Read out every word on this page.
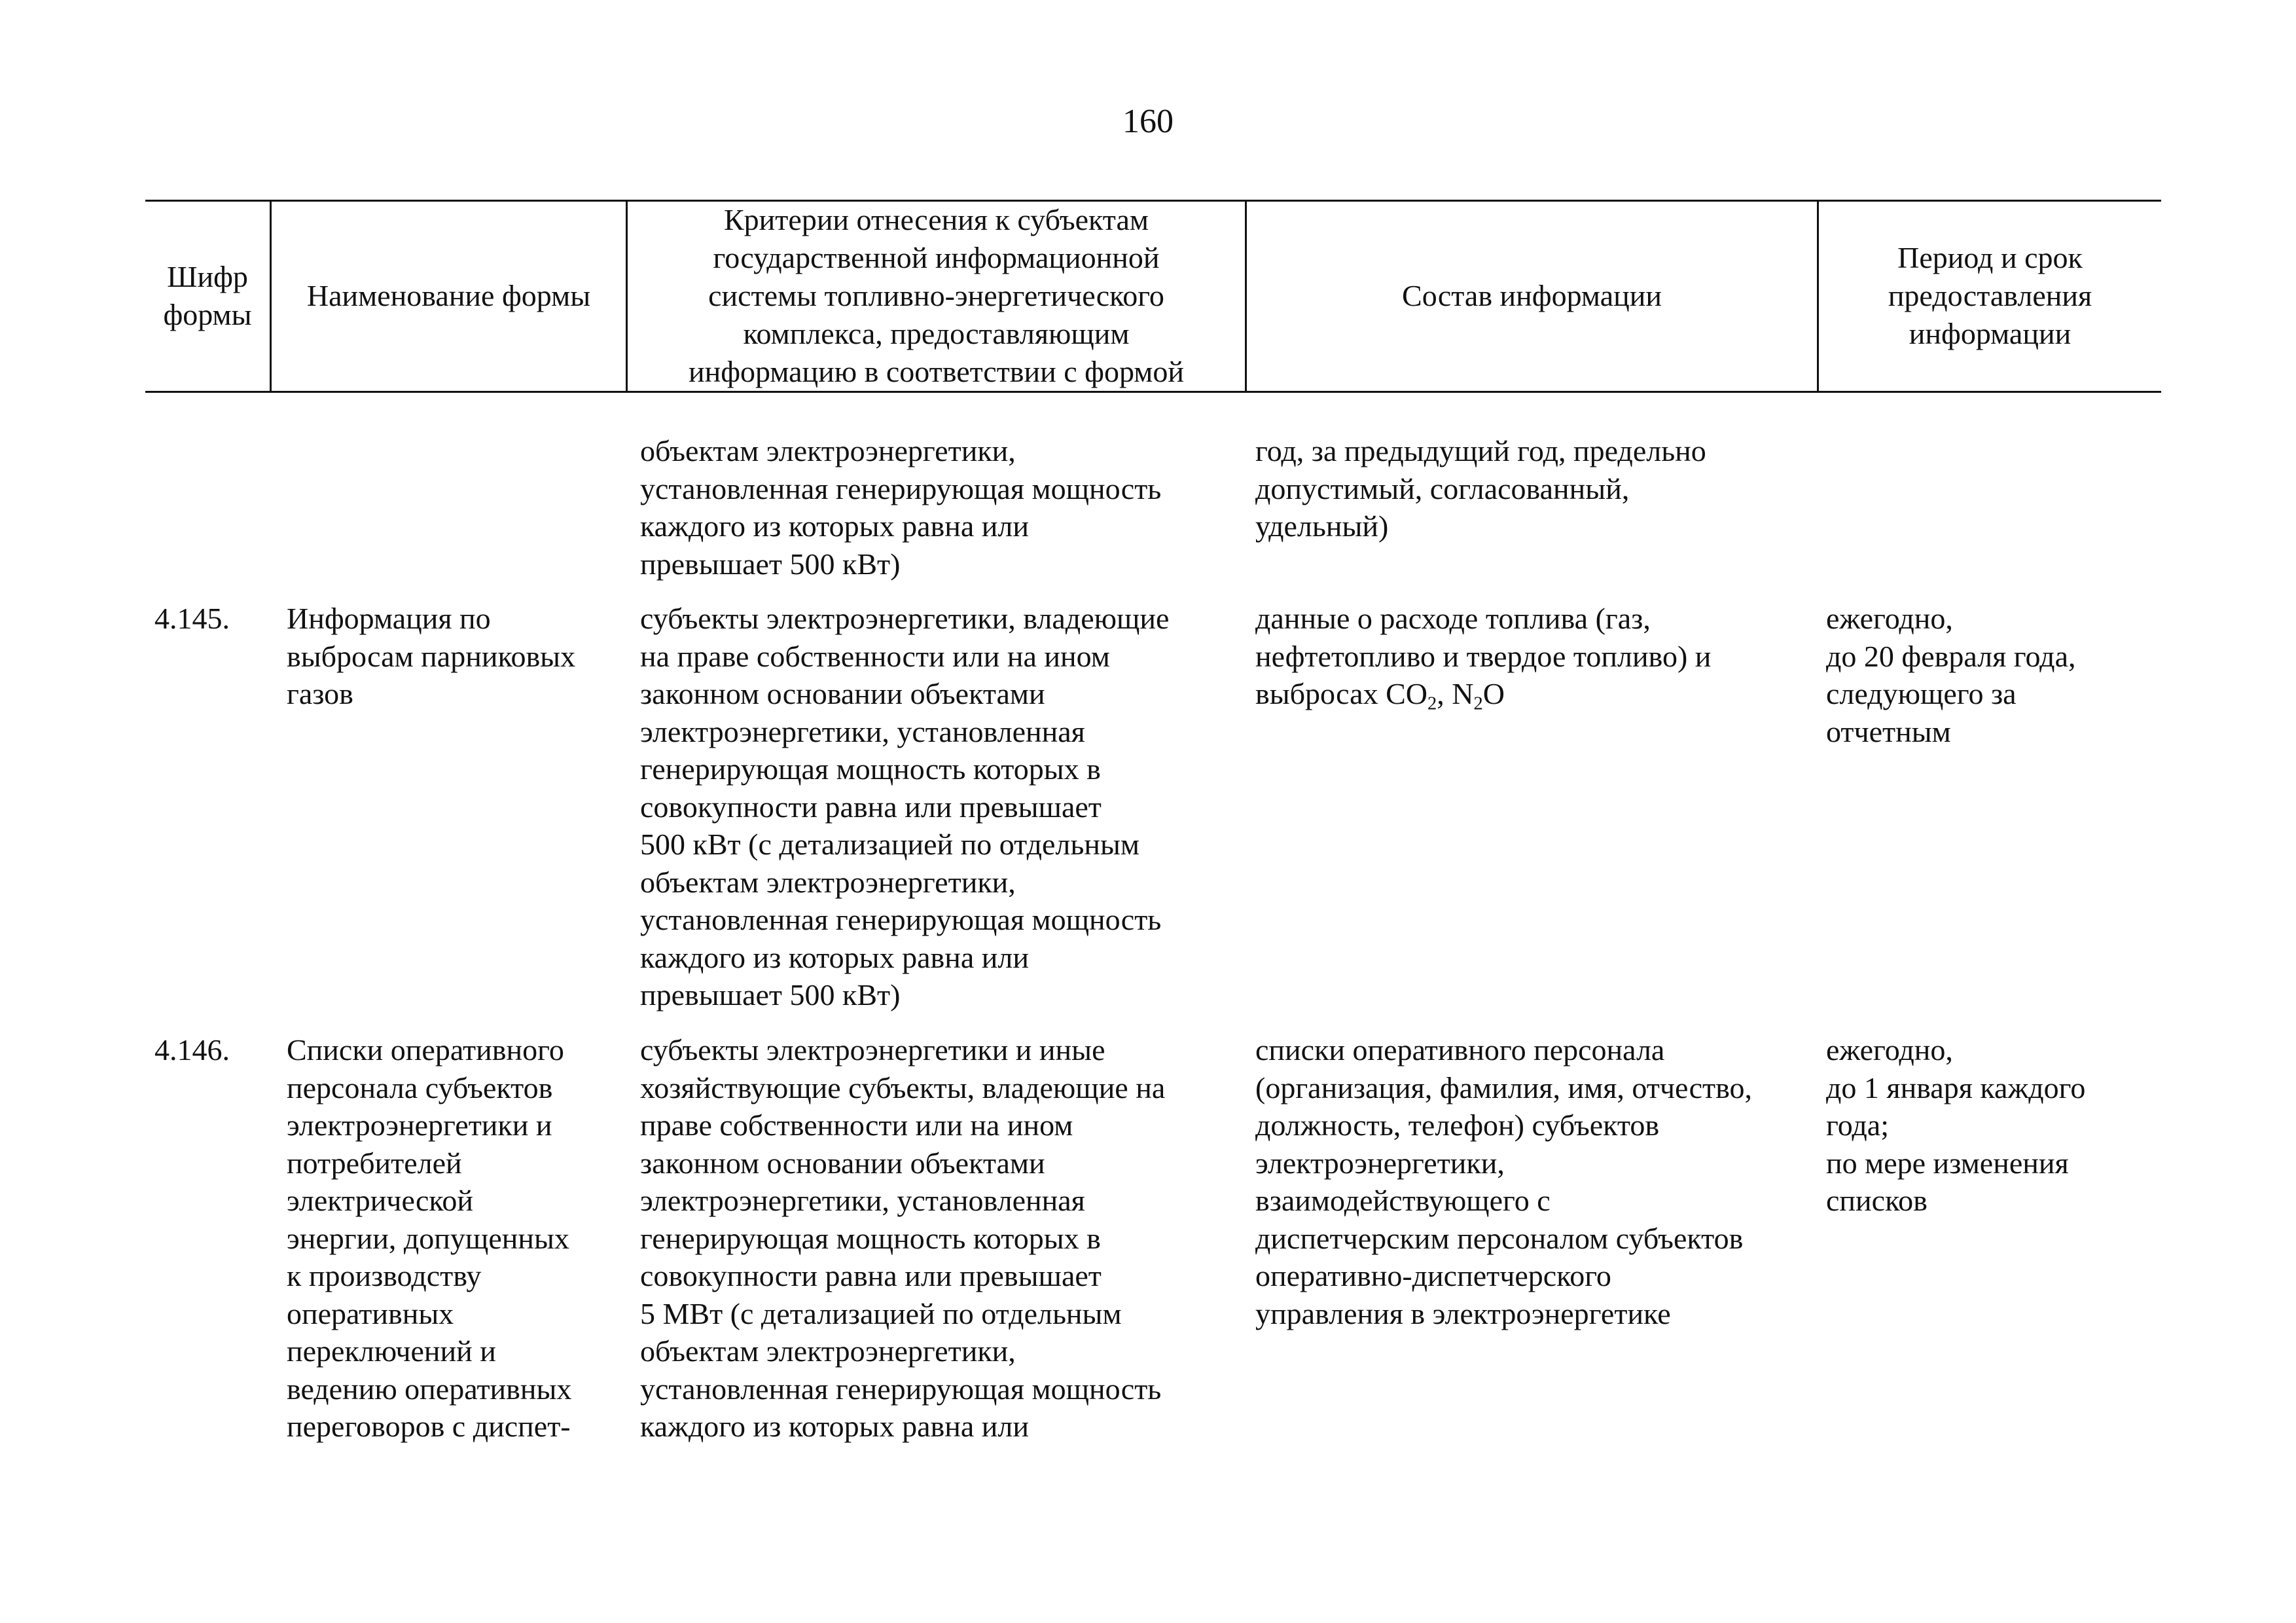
160
Шифр
формы
Наименование формы
Критерии отнесения к субъектам
государственной информационной
системы топливно-энергетического
комплекса, предоставляющим
информацию в соответствии с формой
Состав информации
Период и срок
предоставления
информации
объектам электроэнергетики,
установленная генерирующая мощность
каждого из которых равна или
превышает 500 кВт)
год, за предыдущий год, предельно
допустимый, согласованный,
удельный)
4.145.	Информация по
выбросам парниковых
газов
субъекты электроэнергетики, владеющие
на праве собственности или на ином
законном основании объектами
электроэнергетики, установленная
генерирующая мощность которых в
совокупности равна или превышает
500 кВт (с детализацией по отдельным
объектам электроэнергетики,
установленная генерирующая мощность
каждого из которых равна или
превышает 500 кВт)
данные о расходе топлива (газ,
нефтетопливо и твердое топливо) и
выбросах $CO_2$, $N_2O$
ежегодно,
до 20 февраля года,
следующего за
отчетным
4.146.	Списки оперативного
персонала субъектов
электроэнергетики и
потребителей
электрической
энергии, допущенных
к производству
оперативных
переключений и
ведению оперативных
переговоров с диспет-
субъекты электроэнергетики и иные
хозяйствующие субъекты, владеющие на
праве собственности или на ином
законном основании объектами
электроэнергетики, установленная
генерирующая мощность которых в
совокупности равна или превышает
5 МВт (с детализацией по отдельным
объектам электроэнергетики,
установленная генерирующая мощность
каждого из которых равна или
списки оперативного персонала
(организация, фамилия, имя, отчество,
должность, телефон) субъектов
электроэнергетики,
взаимодействующего с
диспетчерским персоналом субъектов
оперативно-диспетчерского
управления в электроэнергетике
ежегодно,
до 1 января каждого
года;
по мере изменения
списков
